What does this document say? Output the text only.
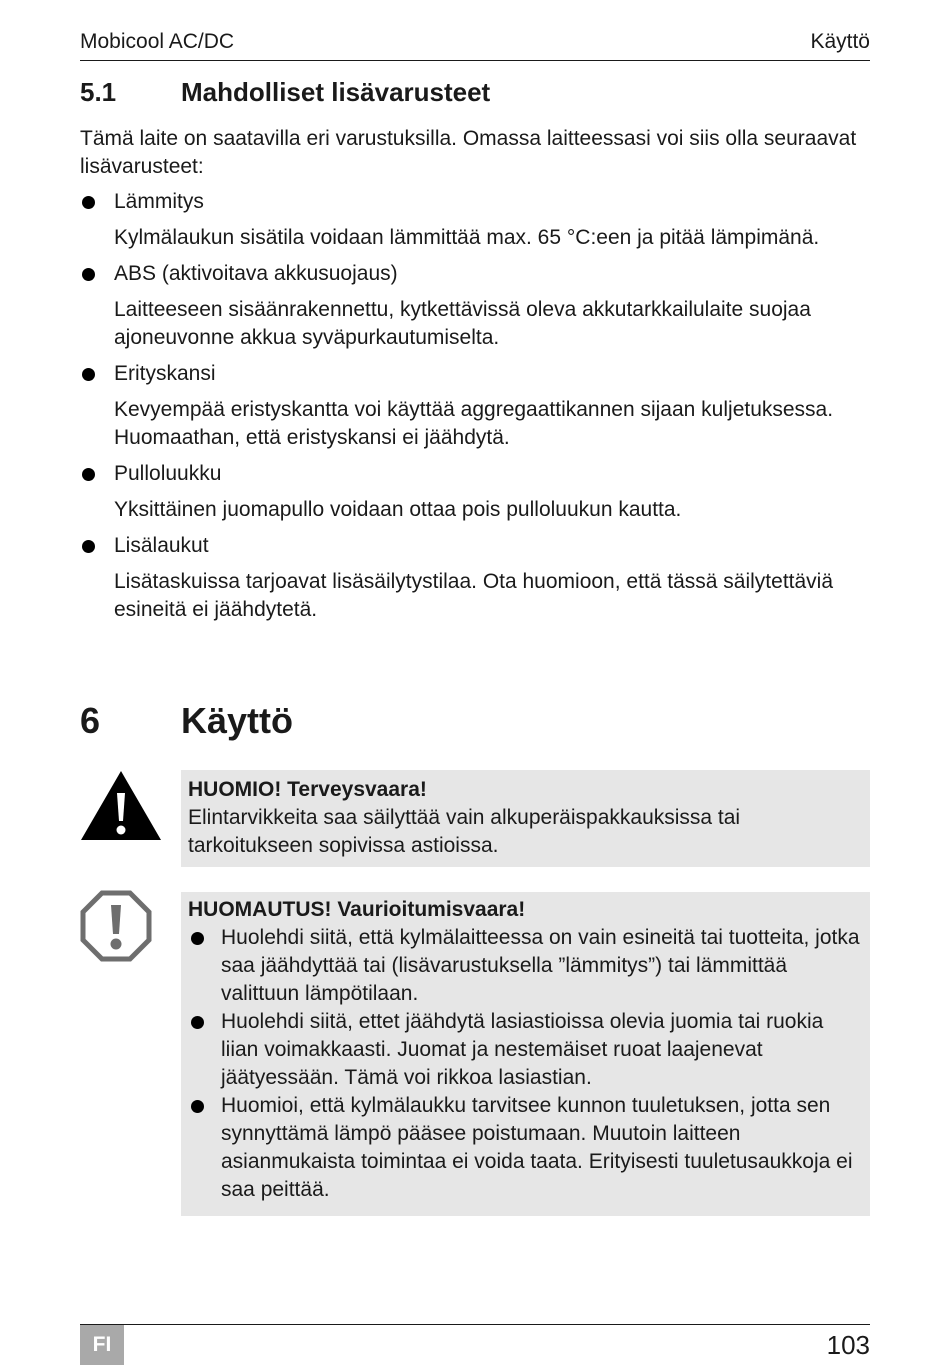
Mobicool AC/DC	Käyttö
5.1 Mahdolliset lisävarusteet

Tämä laite on saatavilla eri varustuksilla. Omassa laitteessasi voi siis olla seuraavat lisävarusteet:

Lämmitys
Kylmälaukun sisätila voidaan lämmittää max. 65 °C:een ja pitää lämpimänä.
ABS (aktivoitava akkusuojaus)
Laitteeseen sisäänrakennettu, kytkettävissä oleva akkutarkkailulaite suojaa ajoneuvonne akkua syväpurkautumiselta.
Erityskansi
Kevyempää eristyskantta voi käyttää aggregaattikannen sijaan kuljetuksessa. Huomaathan, että eristyskansi ei jäähdytä.
Pulloluukku
Yksittäinen juomapullo voidaan ottaa pois pulloluukun kautta.
Lisälaukut
Lisätaskuissa tarjoavat lisäsäilytystilaa. Ota huomioon, että tässä säilytettäviä esineitä ei jäähdytetä.
6 Käyttö
HUOMIO! Terveysvaara!
Elintarvikkeita saa säilyttää vain alkuperäispakkauksissa tai tarkoitukseen sopivissa astioissa.
HUOMAUTUS! Vaurioitumisvaara!
Huolehdi siitä, että kylmälaitteessa on vain esineitä tai tuotteita, jotka saa jäähdyttää tai (lisävarustuksella ”lämmitys”) tai lämmittää valittuun lämpötilaan.
Huolehdi siitä, ettet jäähdytä lasiastioissa olevia juomia tai ruokia liian voimakkaasti. Juomat ja nestemäiset ruoat laajenevat jäätyessään. Tämä voi rikkoa lasiastian.
Huomioi, että kylmälaukku tarvitsee kunnon tuuletuksen, jotta sen synnyttämä lämpö pääsee poistumaan. Muutoin laitteen asianmukaista toimintaa ei voida taata. Erityisesti tuuletusaukkoja ei saa peittää.
FI	103
